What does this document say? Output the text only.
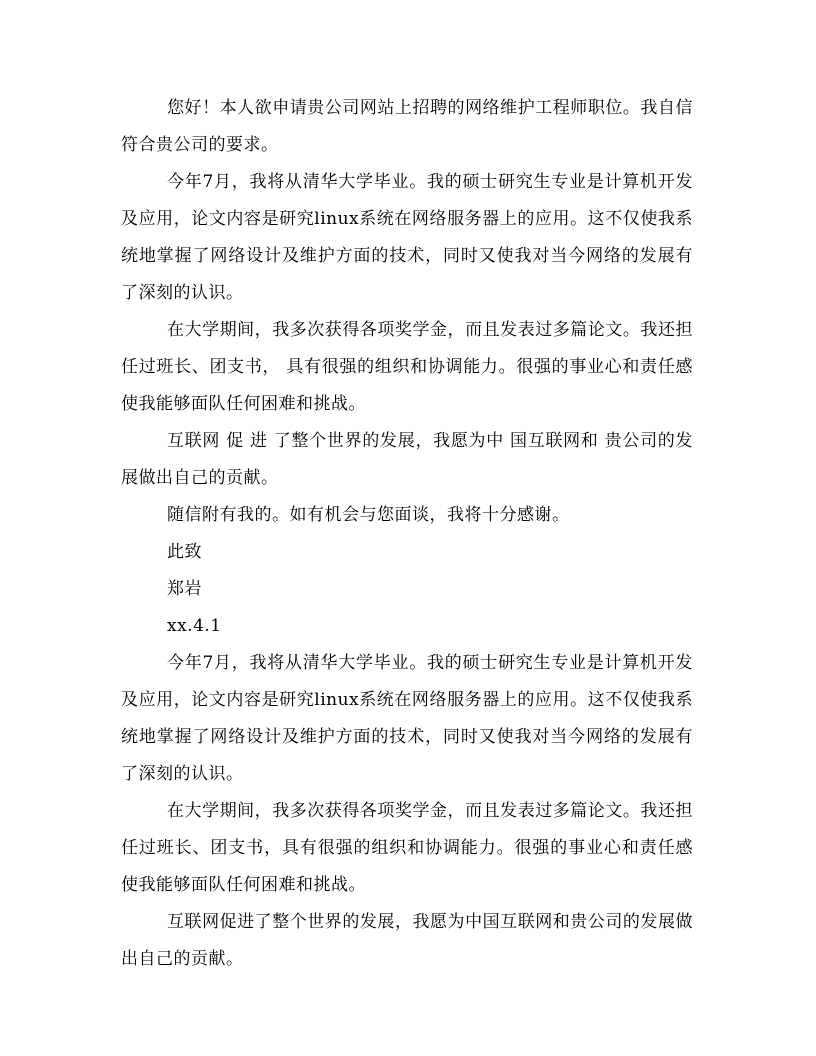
您好！本人欲申请贵公司网站上招聘的网络维护工程师职位。我自信符合贵公司的要求。

今年7月，我将从清华大学毕业。我的硕士研究生专业是计算机开发及应用，论文内容是研究linux系统在网络服务器上的应用。这不仅使我系统地掌握了网络设计及维护方面的技术，同时又使我对当今网络的发展有了深刻的认识。

在大学期间，我多次获得各项奖学金，而且发表过多篇论文。我还担任过班长、团支书， 具有很强的组织和协调能力。很强的事业心和责任感 使我能够面队任何困难和挑战。

互联网 促 进 了整个世界的发展，我愿为中 国互联网和 贵公司的发展做出自己的贡献。

随信附有我的。如有机会与您面谈，我将十分感谢。

此致

郑岩

xx.4.1

今年7月，我将从清华大学毕业。我的硕士研究生专业是计算机开发及应用，论文内容是研究linux系统在网络服务器上的应用。这不仅使我系统地掌握了网络设计及维护方面的技术，同时又使我对当今网络的发展有了深刻的认识。

在大学期间，我多次获得各项奖学金，而且发表过多篇论文。我还担任过班长、团支书，具有很强的组织和协调能力。很强的事业心和责任感使我能够面队任何困难和挑战。

互联网促进了整个世界的发展，我愿为中国互联网和贵公司的发展做出自己的贡献。
